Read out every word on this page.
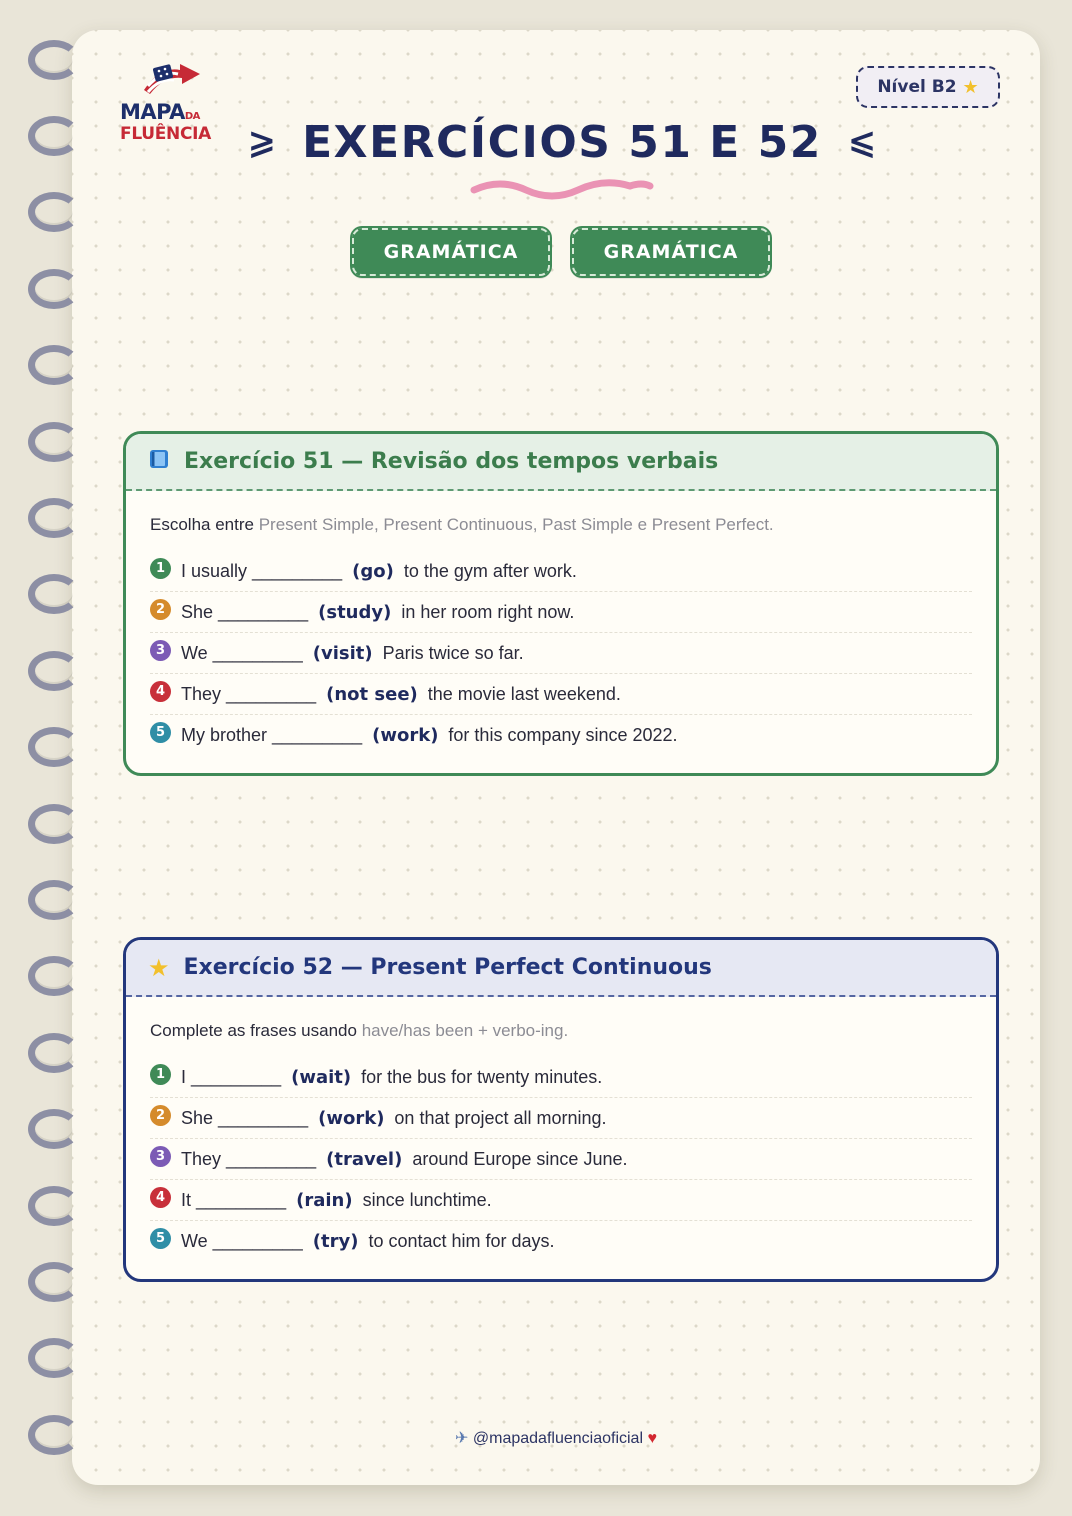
MAPADA
FLUÊNCIA
Nível B2 ★
⩾ EXERCÍCIOS 51 E 52 ⩽
GRAMÁTICA	GRAMÁTICA
Exercício 51 — Revisão dos tempos verbais
Escolha entre Present Simple, Present Continuous, Past Simple e Present Perfect.
1 I usually _________ (go) to the gym after work.
2 She _________ (study) in her room right now.
3 We _________ (visit) Paris twice so far.
4 They _________ (not see) the movie last weekend.
5 My brother _________ (work) for this company since 2022.
★ Exercício 52 — Present Perfect Continuous
Complete as frases usando have/has been + verbo-ing.
1 I _________ (wait) for the bus for twenty minutes.
2 She _________ (work) on that project all morning.
3 They _________ (travel) around Europe since June.
4 It _________ (rain) since lunchtime.
5 We _________ (try) to contact him for days.
✈ @mapadafluenciaoficial ♥
